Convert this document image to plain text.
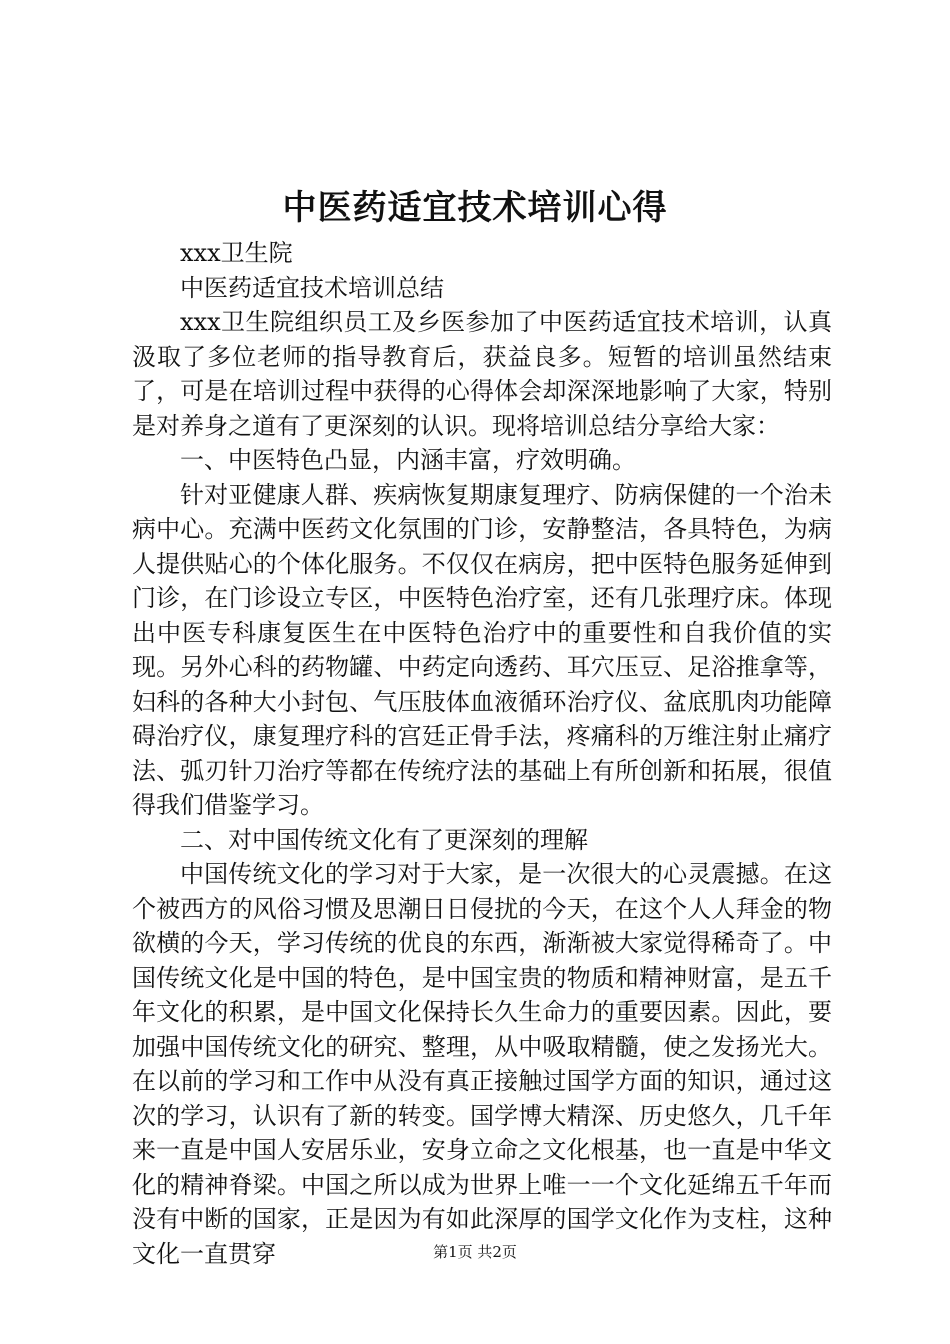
中医药适宜技术培训心得

xxx卫生院

中医药适宜技术培训总结

xxx卫生院组织员工及乡医参加了中医药适宜技术培训，认真汲取了多位老师的指导教育后，获益良多。短暂的培训虽然结束了，可是在培训过程中获得的心得体会却深深地影响了大家，特别是对养身之道有了更深刻的认识。现将培训总结分享给大家：

一、中医特色凸显，内涵丰富，疗效明确。

针对亚健康人群、疾病恢复期康复理疗、防病保健的一个治未病中心。充满中医药文化氛围的门诊，安静整洁，各具特色，为病人提供贴心的个体化服务。不仅仅在病房，把中医特色服务延伸到门诊，在门诊设立专区，中医特色治疗室，还有几张理疗床。体现出中医专科康复医生在中医特色治疗中的重要性和自我价值的实现。另外心科的药物罐、中药定向透药、耳穴压豆、足浴推拿等，妇科的各种大小封包、气压肢体血液循环治疗仪、盆底肌肉功能障碍治疗仪，康复理疗科的宫廷正骨手法，疼痛科的万维注射止痛疗法、弧刃针刀治疗等都在传统疗法的基础上有所创新和拓展，很值得我们借鉴学习。

二、对中国传统文化有了更深刻的理解

中国传统文化的学习对于大家，是一次很大的心灵震撼。在这个被西方的风俗习惯及思潮日日侵扰的今天，在这个人人拜金的物欲横的今天，学习传统的优良的东西，渐渐被大家觉得稀奇了。中国传统文化是中国的特色，是中国宝贵的物质和精神财富，是五千年文化的积累，是中国文化保持长久生命力的重要因素。因此，要加强中国传统文化的研究、整理，从中吸取精髓，使之发扬光大。在以前的学习和工作中从没有真正接触过国学方面的知识，通过这次的学习，认识有了新的转变。国学博大精深、历史悠久，几千年来一直是中国人安居乐业，安身立命之文化根基，也一直是中华文化的精神脊梁。中国之所以成为世界上唯一一个文化延绵五千年而没有中断的国家，正是因为有如此深厚的国学文化作为支柱，这种文化一直贯穿	第1页 共2页
